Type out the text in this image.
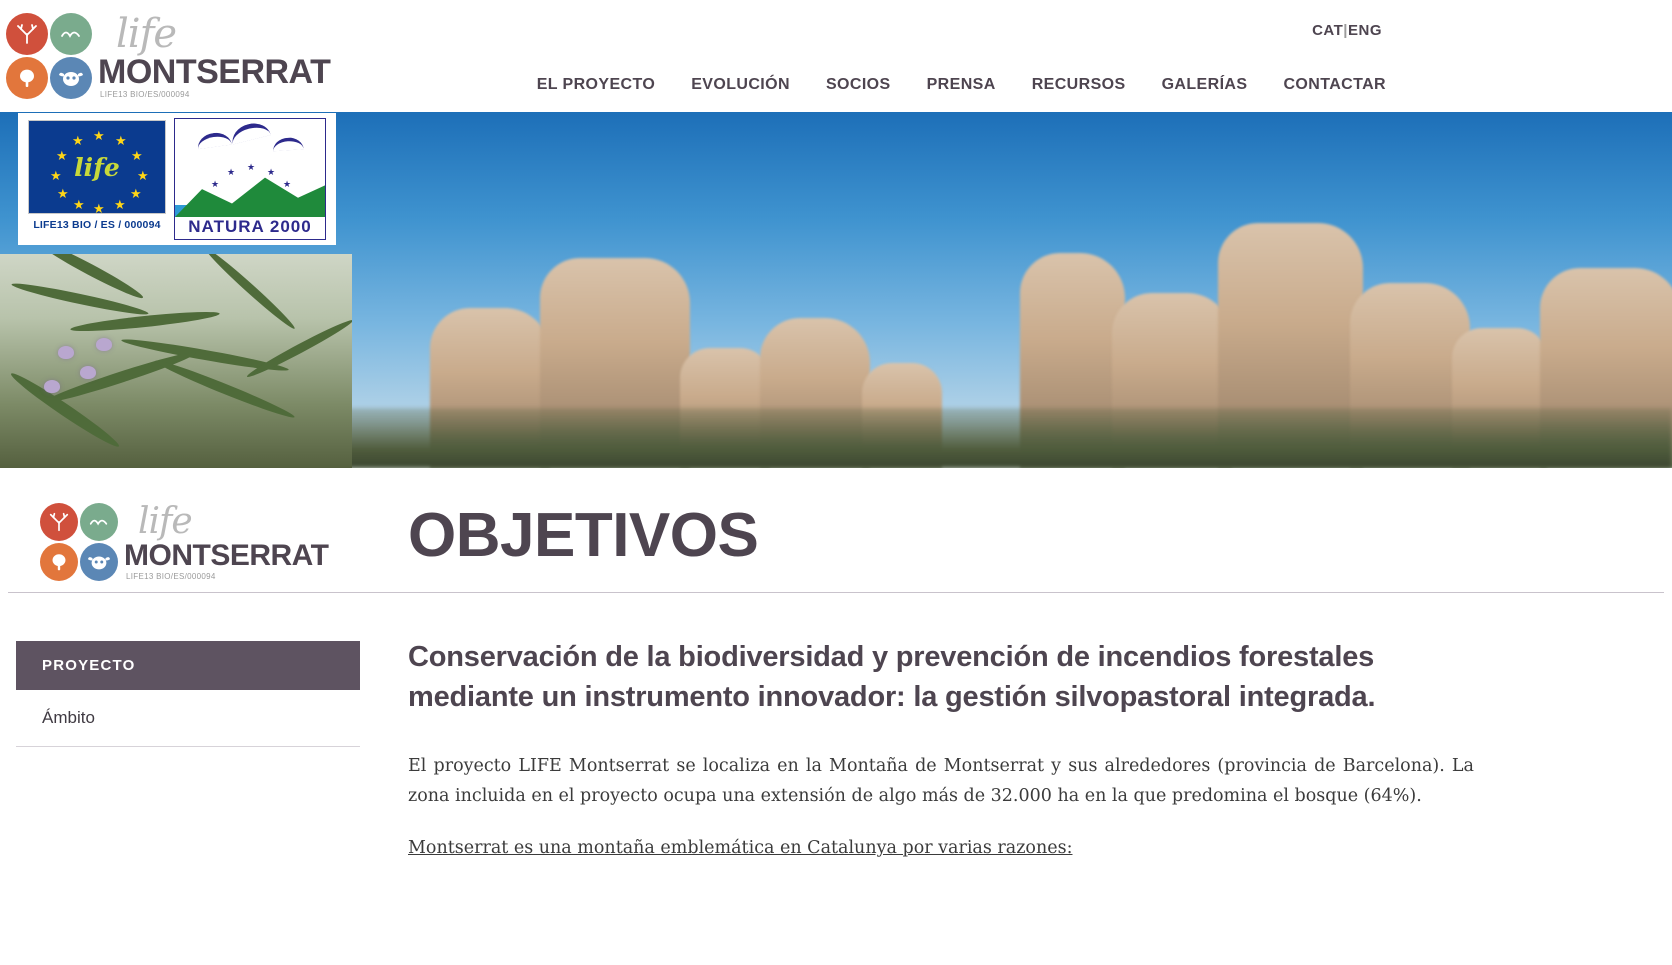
life
MONTSERRAT
LIFE13 BIO/ES/000094
CAT|ENG
EL PROYECTO EVOLUCIÓN SOCIOS PRENSA RECURSOS GALERÍAS CONTACTAR
★ ★
★
★
★
★
★
★
★
★
★
★
life
LIFE13 BIO / ES / 000094
★
★ ★ ★
★
NATURA 2000
life
MONTSERRAT
LIFE13 BIO/ES/000094
OBJETIVOS
PROYECTO
Ámbito
Conservación de la biodiversidad y prevención de incendios forestales mediante un instrumento innovador: la gestión silvopastoral integrada.

El proyecto LIFE Montserrat se localiza en la Montaña de Montserrat y sus alrededores (provincia de Barcelona). La zona incluida en el proyecto ocupa una extensión de algo más de 32.000 ha en la que predomina el bosque (64%).

Montserrat es una montaña emblemática en Catalunya por varias razones:
